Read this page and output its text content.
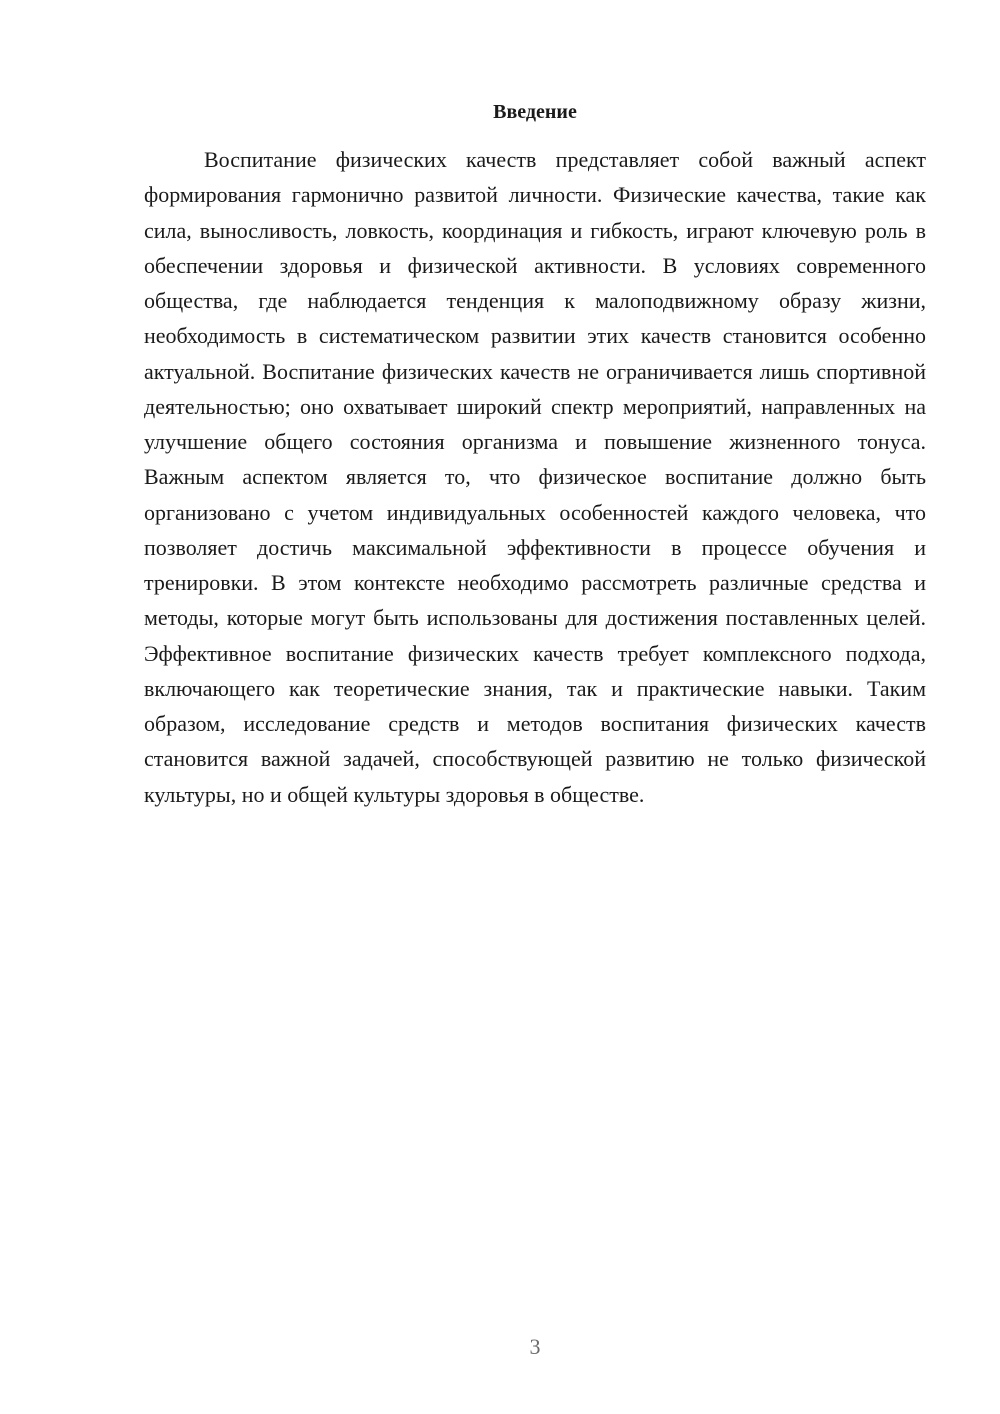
Введение

Воспитание физических качеств представляет собой важный аспект формирования гармонично развитой личности. Физические качества, такие как сила, выносливость, ловкость, координация и гибкость, играют ключевую роль в обеспечении здоровья и физической активности. В условиях современного общества, где наблюдается тенденция к малоподвижному образу жизни, необходимость в систематическом развитии этих качеств становится особенно актуальной. Воспитание физических качеств не ограничивается лишь спортивной деятельностью; оно охватывает широкий спектр мероприятий, направленных на улучшение общего состояния организма и повышение жизненного тонуса. Важным аспектом является то, что физическое воспитание должно быть организовано с учетом индивидуальных особенностей каждого человека, что позволяет достичь максимальной эффективности в процессе обучения и тренировки. В этом контексте необходимо рассмотреть различные средства и методы, которые могут быть использованы для достижения поставленных целей. Эффективное воспитание физических качеств требует комплексного подхода, включающего как теоретические знания, так и практические навыки. Таким образом, исследование средств и методов воспитания физических качеств становится важной задачей, способствующей развитию не только физической культуры, но и общей культуры здоровья в обществе.

3
